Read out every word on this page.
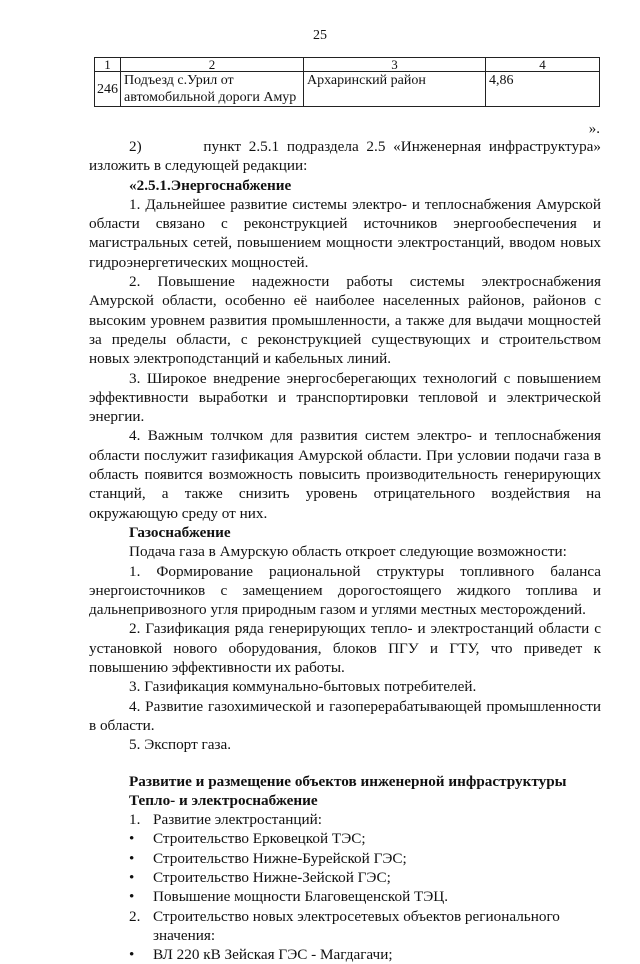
25
1	2	3	4
246	Подъезд с.Урил от автомобильной дороги Амур	Архаринский район	4,86
».

2)	пункт 2.5.1 подраздела 2.5 «Инженерная инфраструктура» изложить в следующей редакции:

«2.5.1.Энергоснабжение

1. Дальнейшее развитие системы электро- и теплоснабжения Амурской области связано с реконструкцией источников энергообеспечения и магистральных сетей, повышением мощности электростанций, вводом новых гидроэнергетических мощностей.

2. Повышение надежности работы системы электроснабжения Амурской области, особенно её наиболее населенных районов, районов с высоким уровнем развития промышленности, а также для выдачи мощностей за пределы области, с реконструкцией существующих и строительством новых электроподстанций и кабельных линий.

3. Широкое внедрение энергосберегающих технологий с повышением эффективности выработки и транспортировки тепловой и электрической энергии.

4. Важным толчком для развития систем электро- и теплоснабжения области послужит газификация Амурской области. При условии подачи газа в область появится возможность повысить производительность генерирующих станций, а также снизить уровень отрицательного воздействия на окружающую среду от них.

Газоснабжение

Подача газа в Амурскую область откроет следующие возможности:

1. Формирование рациональной структуры топливного баланса энергоисточников с замещением дорогостоящего жидкого топлива и дальнепривозного угля природным газом и углями местных месторождений.

2. Газификация ряда генерирующих тепло- и электростанций области с установкой нового оборудования, блоков ПГУ и ГТУ, что приведет к повышению эффективности их работы.

3. Газификация коммунально-бытовых потребителей.

4. Развитие газохимической и газоперерабатывающей промышленности в области.

5. Экспорт газа.

Развитие и размещение объектов инженерной инфраструктуры

Тепло- и электроснабжение

1. Развитие электростанций:
•	Строительство Ерковецкой ТЭС;
•	Строительство Нижне-Бурейской ГЭС;
•	Строительство Нижне-Зейской ГЭС;
•	Повышение мощности Благовещенской ТЭЦ.
2. Строительство новых электросетевых объектов регионального значения:
•	ВЛ 220 кВ Зейская ГЭС - Магдагачи;
